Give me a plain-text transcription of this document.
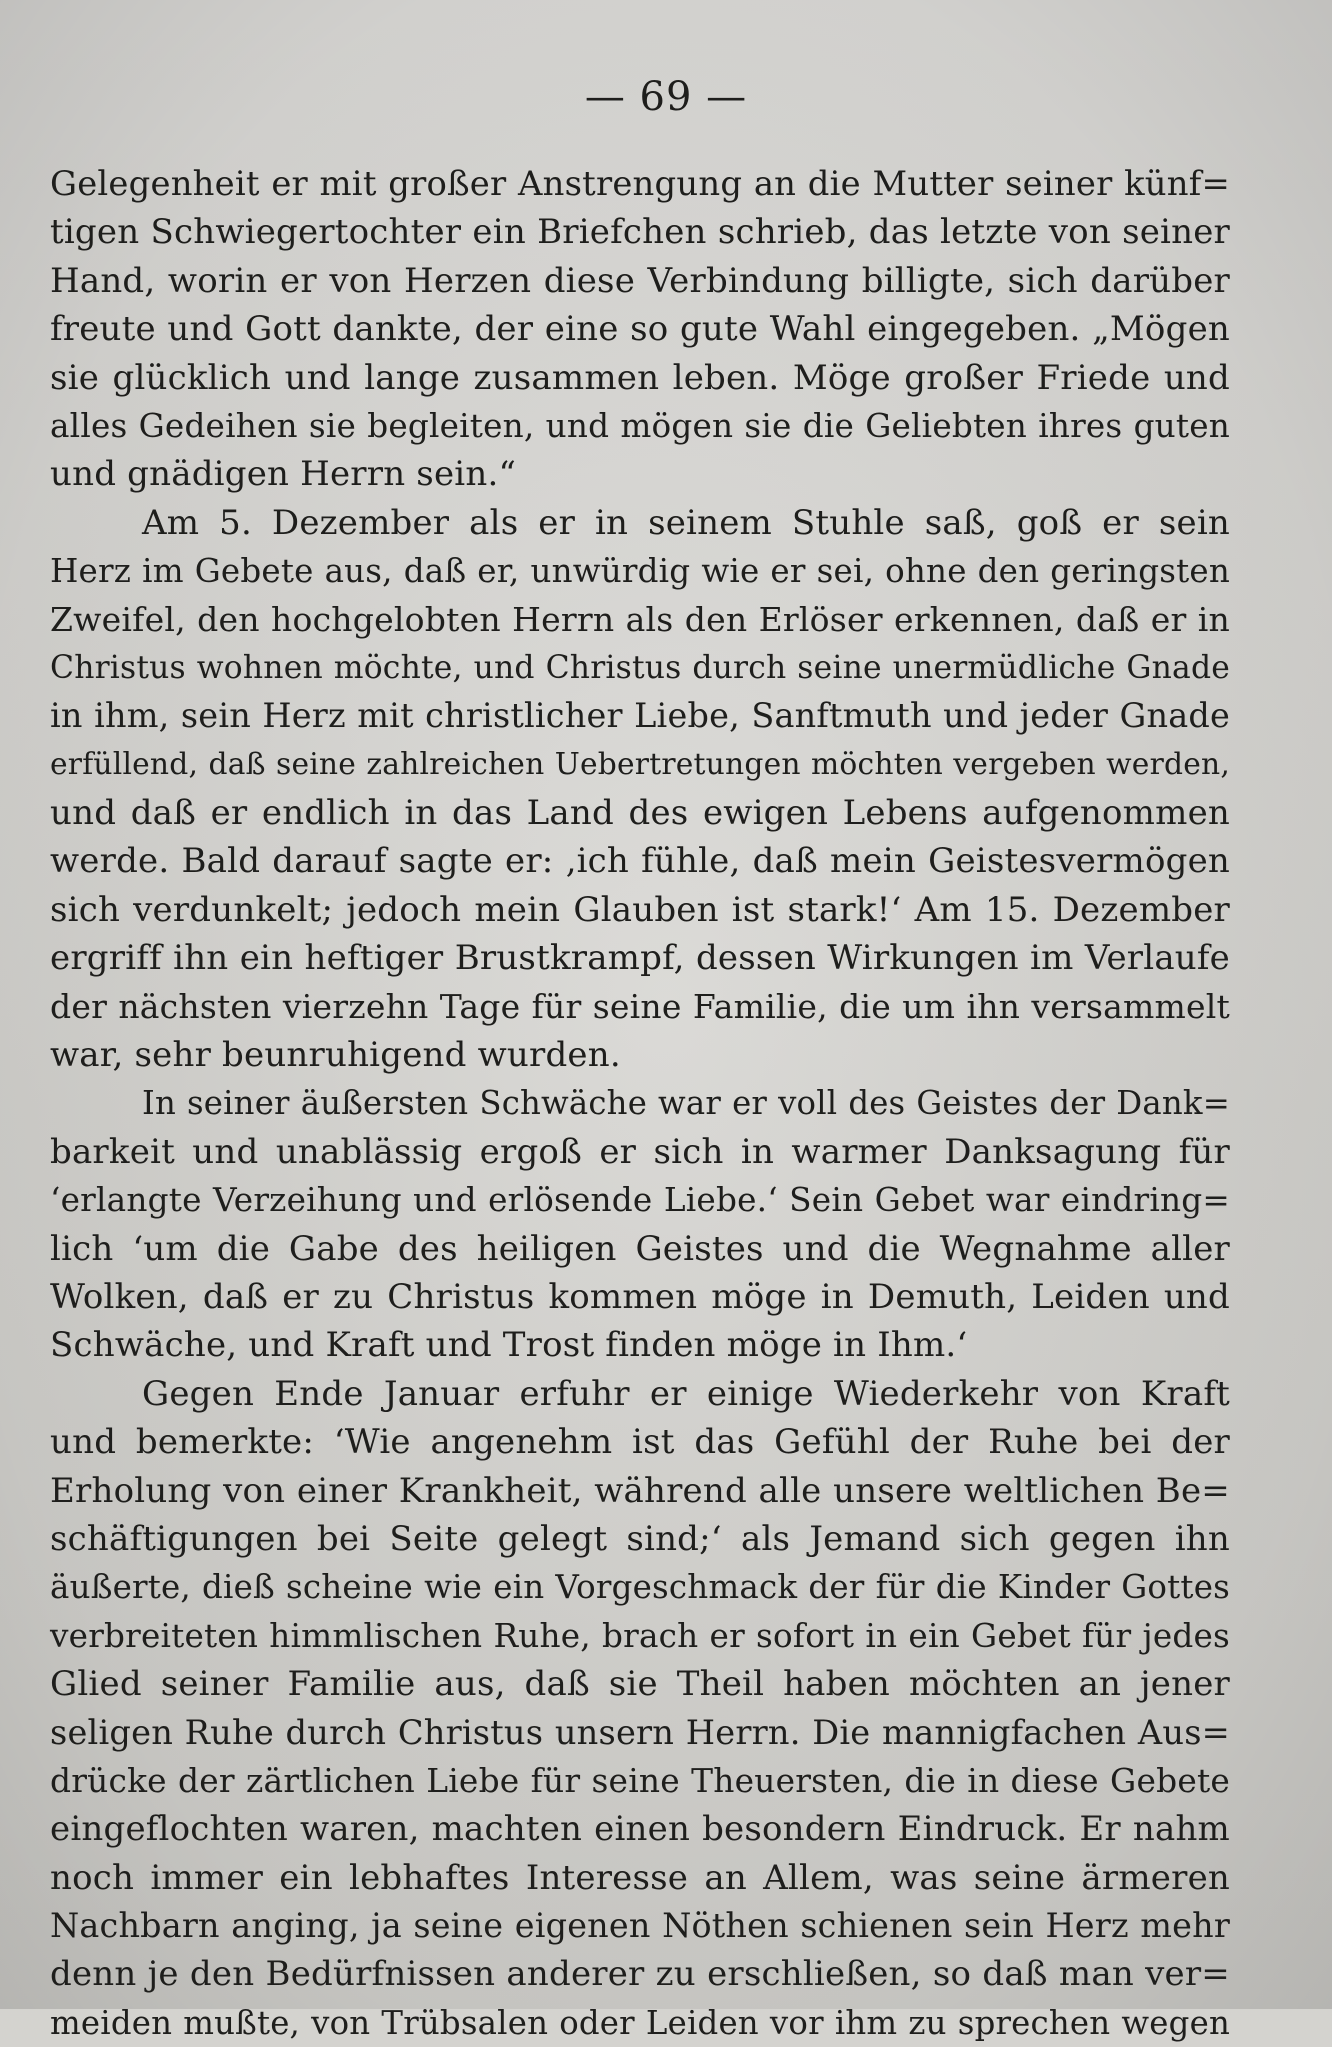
— 69 —
Gelegenheit er mit großer Anstrengung an die Mutter seiner künf=
tigen Schwiegertochter ein Briefchen schrieb, das letzte von seiner
Hand, worin er von Herzen diese Verbindung billigte, sich darüber
freute und Gott dankte, der eine so gute Wahl eingegeben. „Mögen
sie glücklich und lange zusammen leben. Möge großer Friede und
alles Gedeihen sie begleiten, und mögen sie die Geliebten ihres guten
und gnädigen Herrn sein.“
Am 5. Dezember als er in seinem Stuhle saß, goß er sein
Herz im Gebete aus, daß er, unwürdig wie er sei, ohne den geringsten
Zweifel, den hochgelobten Herrn als den Erlöser erkennen, daß er in
Christus wohnen möchte, und Christus durch seine unermüdliche Gnade
in ihm, sein Herz mit christlicher Liebe, Sanftmuth und jeder Gnade
erfüllend, daß seine zahlreichen Uebertretungen möchten vergeben werden,
und daß er endlich in das Land des ewigen Lebens aufgenommen
werde. Bald darauf sagte er: ‚ich fühle, daß mein Geistesvermögen
sich verdunkelt; jedoch mein Glauben ist stark!‘ Am 15. Dezember
ergriff ihn ein heftiger Brustkrampf, dessen Wirkungen im Verlaufe
der nächsten vierzehn Tage für seine Familie, die um ihn versammelt
war, sehr beunruhigend wurden.
In seiner äußersten Schwäche war er voll des Geistes der Dank=
barkeit und unablässig ergoß er sich in warmer Danksagung für
‘erlangte Verzeihung und erlösende Liebe.‘ Sein Gebet war eindring=
lich ‘um die Gabe des heiligen Geistes und die Wegnahme aller
Wolken, daß er zu Christus kommen möge in Demuth, Leiden und
Schwäche, und Kraft und Trost finden möge in Ihm.‘
Gegen Ende Januar erfuhr er einige Wiederkehr von Kraft
und bemerkte: ‘Wie angenehm ist das Gefühl der Ruhe bei der
Erholung von einer Krankheit, während alle unsere weltlichen Be=
schäftigungen bei Seite gelegt sind;‘ als Jemand sich gegen ihn
äußerte, dieß scheine wie ein Vorgeschmack der für die Kinder Gottes
verbreiteten himmlischen Ruhe, brach er sofort in ein Gebet für jedes
Glied seiner Familie aus, daß sie Theil haben möchten an jener
seligen Ruhe durch Christus unsern Herrn. Die mannigfachen Aus=
drücke der zärtlichen Liebe für seine Theuersten, die in diese Gebete
eingeflochten waren, machten einen besondern Eindruck. Er nahm
noch immer ein lebhaftes Interesse an Allem, was seine ärmeren
Nachbarn anging, ja seine eigenen Nöthen schienen sein Herz mehr
denn je den Bedürfnissen anderer zu erschließen, so daß man ver=
meiden mußte, von Trübsalen oder Leiden vor ihm zu sprechen wegen
